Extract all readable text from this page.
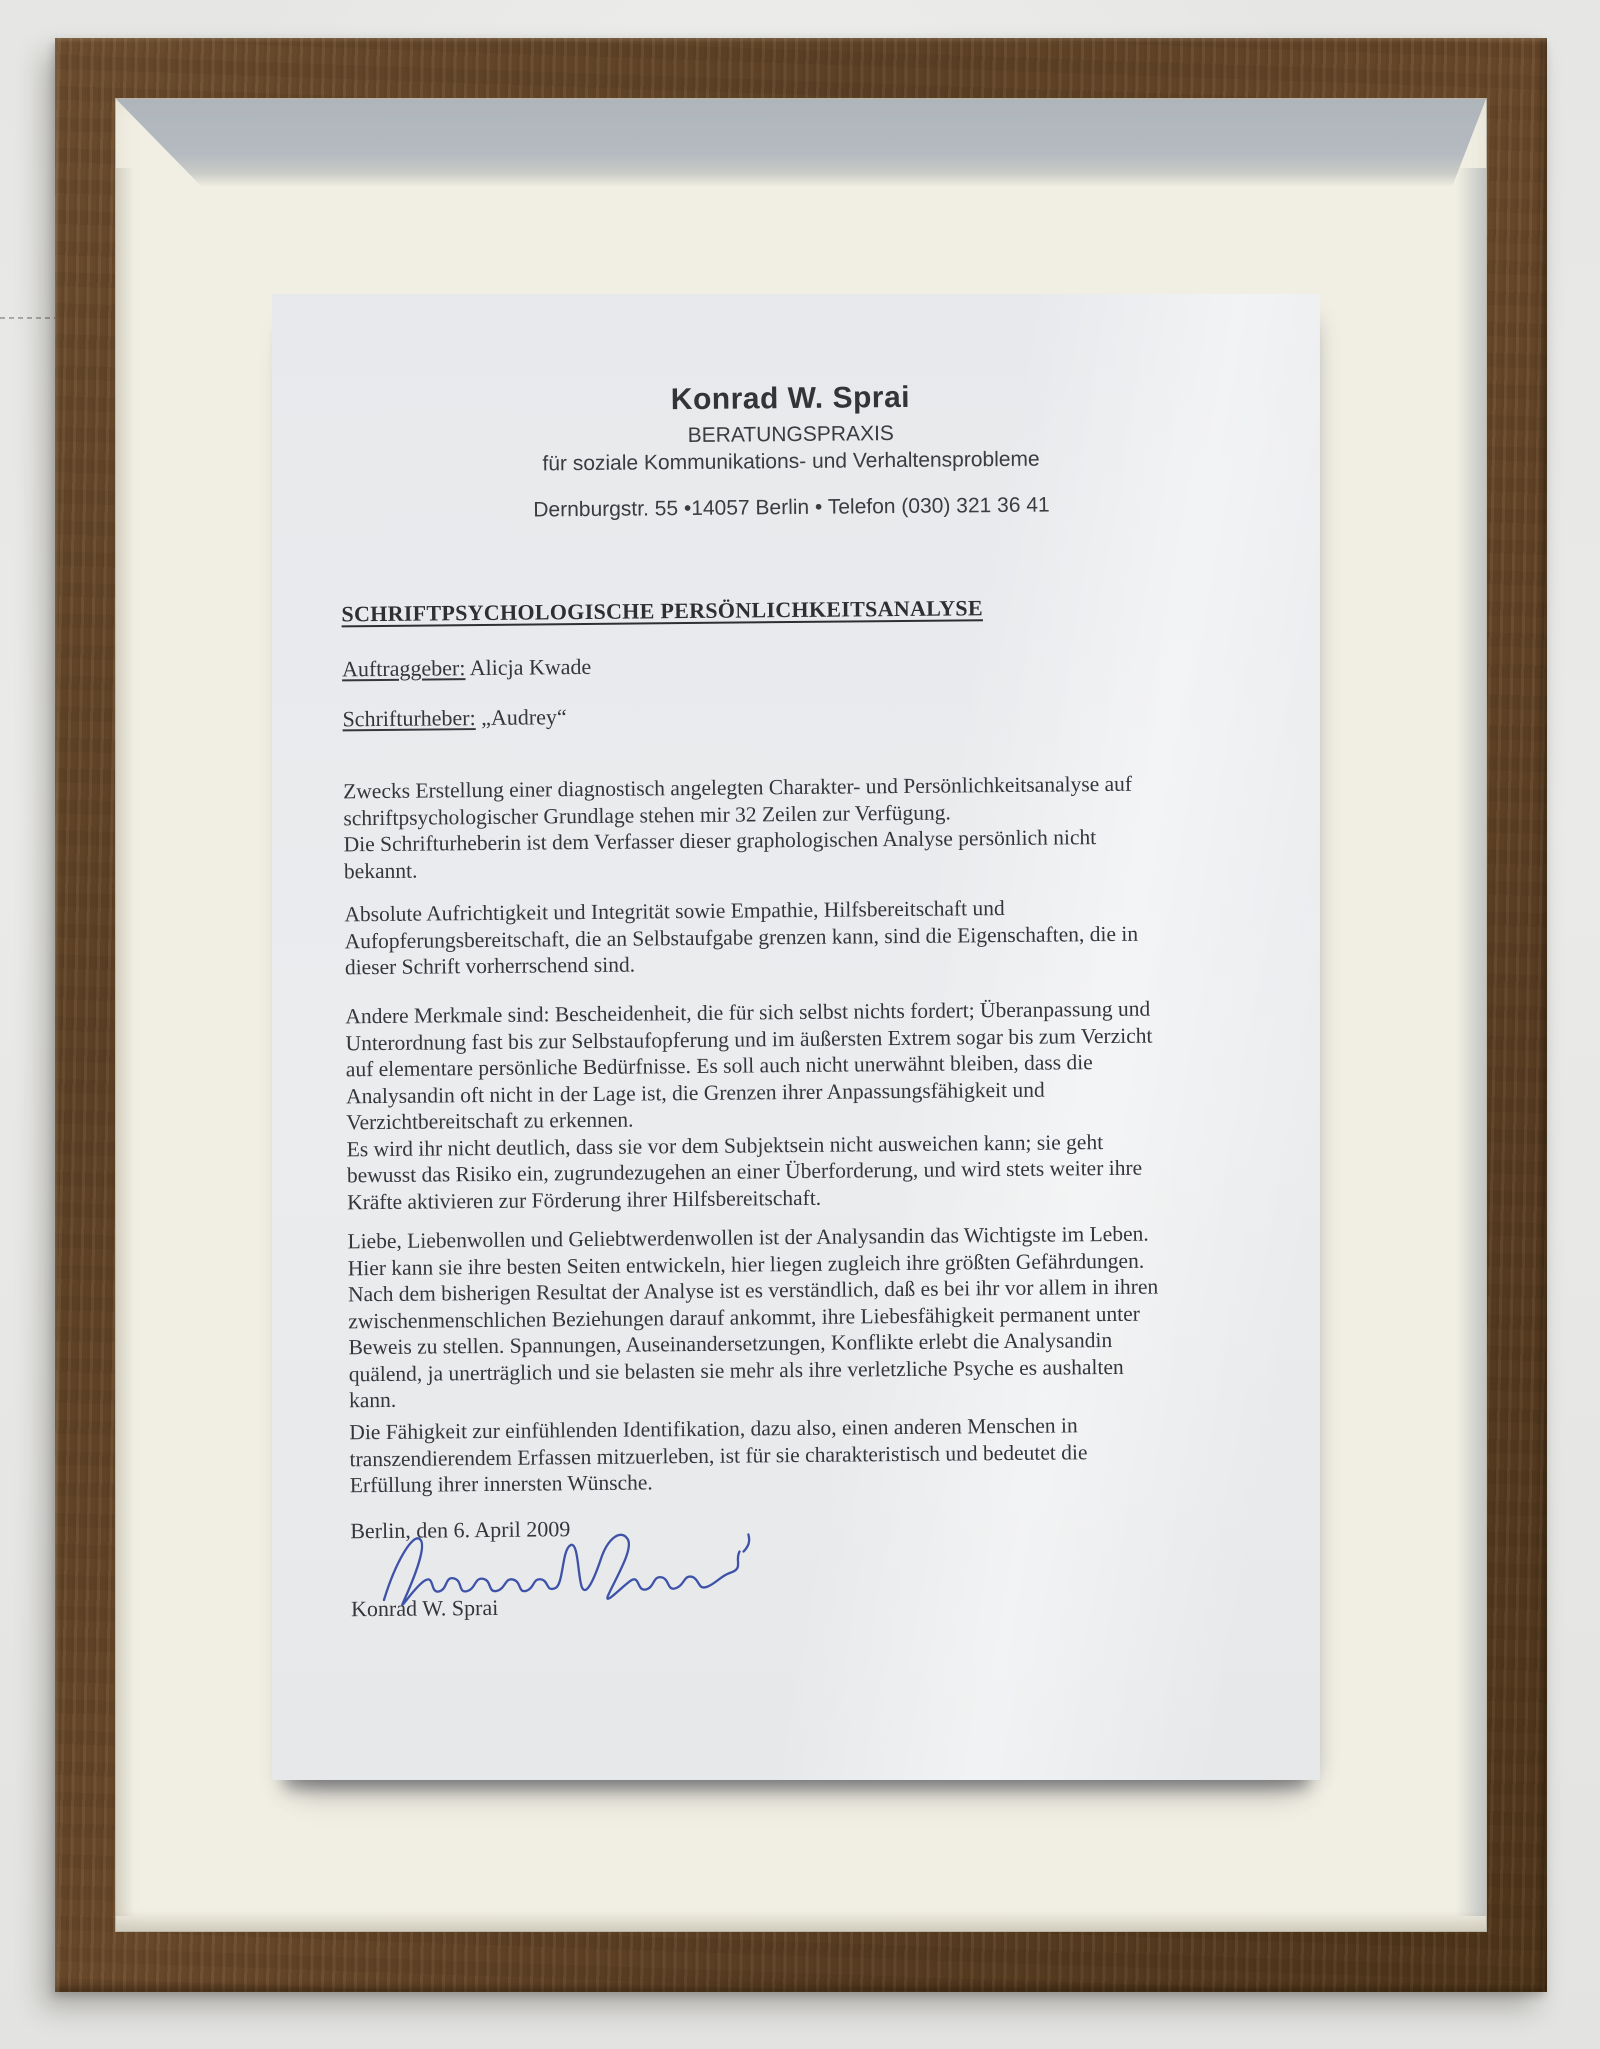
Konrad W. Sprai
BERATUNGSPRAXIS
für soziale Kommunikations- und Verhaltensprobleme
Dernburgstr. 55 •14057 Berlin • Telefon (030) 321 36 41
SCHRIFTPSYCHOLOGISCHE PERSÖNLICHKEITSANALYSE
Auftraggeber: Alicja Kwade
Schrifturheber: „Audrey“
Zwecks Erstellung einer diagnostisch angelegten Charakter- und Persönlichkeitsanalyse auf
schriftpsychologischer Grundlage stehen mir 32 Zeilen zur Verfügung.
Die Schrifturheberin ist dem Verfasser dieser graphologischen Analyse persönlich nicht
bekannt.
Absolute Aufrichtigkeit und Integrität sowie Empathie, Hilfsbereitschaft und
Aufopferungsbereitschaft, die an Selbstaufgabe grenzen kann, sind die Eigenschaften, die in
dieser Schrift vorherrschend sind.
Andere Merkmale sind: Bescheidenheit, die für sich selbst nichts fordert; Überanpassung und
Unterordnung fast bis zur Selbstaufopferung und im äußersten Extrem sogar bis zum Verzicht
auf elementare persönliche Bedürfnisse. Es soll auch nicht unerwähnt bleiben, dass die
Analysandin oft nicht in der Lage ist, die Grenzen ihrer Anpassungsfähigkeit und
Verzichtbereitschaft zu erkennen.
Es wird ihr nicht deutlich, dass sie vor dem Subjektsein nicht ausweichen kann; sie geht
bewusst das Risiko ein, zugrundezugehen an einer Überforderung, und wird stets weiter ihre
Kräfte aktivieren zur Förderung ihrer Hilfsbereitschaft.
Liebe, Liebenwollen und Geliebtwerdenwollen ist der Analysandin das Wichtigste im Leben.
Hier kann sie ihre besten Seiten entwickeln, hier liegen zugleich ihre größten Gefährdungen.
Nach dem bisherigen Resultat der Analyse ist es verständlich, daß es bei ihr vor allem in ihren
zwischenmenschlichen Beziehungen darauf ankommt, ihre Liebesfähigkeit permanent unter
Beweis zu stellen. Spannungen, Auseinandersetzungen, Konflikte erlebt die Analysandin
quälend, ja unerträglich und sie belasten sie mehr als ihre verletzliche Psyche es aushalten
kann.
Die Fähigkeit zur einfühlenden Identifikation, dazu also, einen anderen Menschen in
transzendierendem Erfassen mitzuerleben, ist für sie charakteristisch und bedeutet die
Erfüllung ihrer innersten Wünsche.
Berlin, den 6. April 2009
Konrad W. Sprai
